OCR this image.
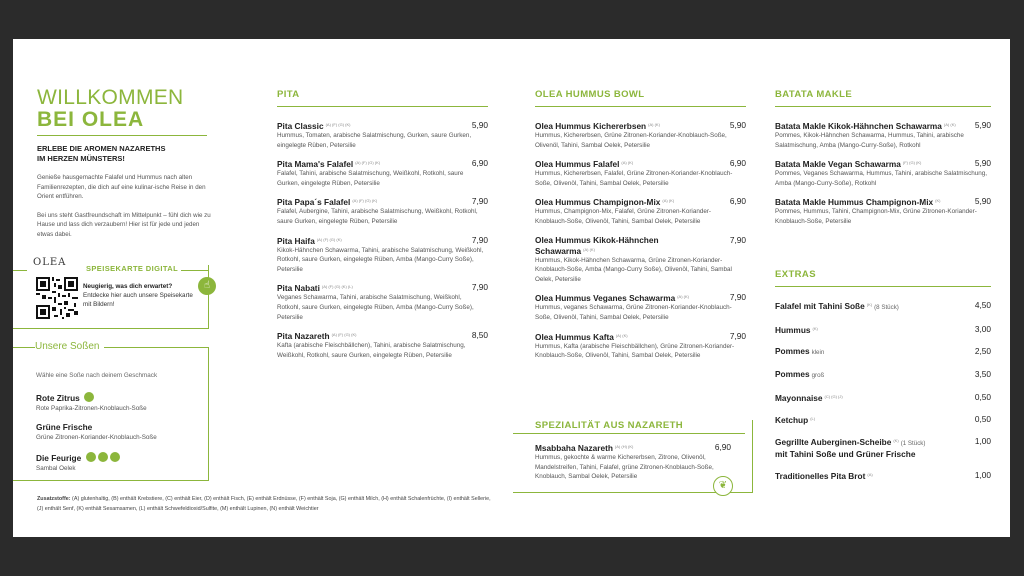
WILLKOMMEN
BEI OLEA
ERLEBE DIE AROMEN NAZARETHS
IM HERZEN MÜNSTERS!
Genieße hausgemachte Falafel und Hummus nach alten Familienrezepten, die dich auf eine kulinar-ische Reise in den Orient entführen.
Bei uns steht Gastfreundschaft im Mittelpunkt – fühl dich wie zu Hause und lass dich verzaubern! Hier ist für jede und jeden etwas dabei.
OLEA
SPEISEKARTE DIGITAL
Neugierig, was dich erwartet?
Entdecke hier auch unsere Speisekarte mit Bildern!
☝
Unsere Soßen
Wähle eine Soße nach deinem Geschmack
Rote Zitrus
Rote Paprika-Zitronen-Knoblauch-Soße
Grüne Frische
Grüne Zitronen-Koriander-Knoblauch-Soße
Die Feurige
Sambal Oelek
Zusatzstoffe: (A) glutenhaltig, (B) enthält Krebstiere, (C) enthält Eier, (D) enthält Fisch, (E) enthält Erdnüsse, (F) enthält Soja, (G) enthält Milch, (H) enthält Schalenfrüchte, (I) enthält Sellerie, (J) enthält Senf, (K) enthält Sesamsamen, (L) enthält Schwefeldioxid/Sulfite, (M) enthält Lupinen, (N) enthält Weichtier
PITA
Pita Classic $^{(A) (F) (G) (K)}$	5,90
Hummus, Tomaten, arabische Salatmischung, Gurken, saure Gurken, eingelegte Rüben, Petersilie
Pita Mama's Falafel $^{(A) (F) (G) (K)}$	6,90
Falafel, Tahini, arabische Salatmischung, Weißkohl, Rotkohl, saure Gurken, eingelegte Rüben, Petersilie
Pita Papa´s Falafel $^{(A) (F) (G) (K)}$	7,90
Falafel, Aubergine, Tahini, arabische Salatmischung, Weißkohl, Rotkohl, saure Gurken, eingelegte Rüben, Petersilie
Pita Haifa $^{(A) (F) (G) (K)}$	7,90
Kikok-Hähnchen Schawarma, Tahini, arabische Salatmischung, Weißkohl, Rotkohl, saure Gurken, eingelegte Rüben, Amba (Mango-Curry Soße), Petersilie
Pita Nabati $^{(A) (F) (G) (K) (L)}$	7,90
Veganes Schawarma, Tahini, arabische Salatmischung, Weißkohl, Rotkohl, saure Gurken, eingelegte Rüben, Amba (Mango-Curry Soße), Petersilie
Pita Nazareth $^{(A) (F) (G) (K)}$	8,50
Kafta (arabische Fleischbällchen), Tahini, arabische Salatmischung, Weißkohl, Rotkohl, saure Gurken, eingelegte Rüben, Petersilie
OLEA HUMMUS BOWL
Olea Hummus Kichererbsen $^{(A) (K)}$	5,90
Hummus, Kichererbsen, Grüne Zitronen-Koriander-Knoblauch-Soße, Olivenöl, Tahini, Sambal Oelek, Petersilie
Olea Hummus Falafel $^{(A) (K)}$	6,90
Hummus, Kichererbsen, Falafel, Grüne Zitronen-Koriander-Knoblauch-Soße, Olivenöl, Tahini, Sambal Oelek, Petersilie
Olea Hummus Champignon-Mix $^{(A) (K)}$	6,90
Hummus, Champignon-Mix, Falafel, Grüne Zitronen-Koriander-Knoblauch-Soße, Olivenöl, Tahini, Sambal Oelek, Petersilie
Olea Hummus Kikok-Hähnchen Schawarma $^{(A) (K)}$
7,90
Hummus, Kikok-Hähnchen Schawarma, Grüne Zitronen-Koriander-Knoblauch-Soße, Amba (Mango-Curry Soße), Olivenöl, Tahini, Sambal Oelek, Petersilie
Olea Hummus Veganes Schawarma $^{(A) (K)}$	7,90
Hummus, veganes Schawarma, Grüne Zitronen-Koriander-Knoblauch-Soße, Olivenöl, Tahini, Sambal Oelek, Petersilie
Olea Hummus Kafta $^{(A) (K)}$	7,90
Hummus, Kafta (arabische Fleischbällchen), Grüne Zitronen-Koriander-Knoblauch-Soße, Olivenöl, Tahini, Sambal Oelek, Petersilie
SPEZIALITÄT AUS NAZARETH
Msabbaha Nazareth $^{(A) (H) (K)}$	6,90
Hummus, gekochte & warme Kichererbsen, Zitrone, Olivenöl, Mandelstreifen, Tahini, Falafel, grüne Zitronen-Knoblauch-Soße, Knoblauch, Sambal Oelek, Petersilie
❦
BATATA MAKLE
Batata Makle Kikok-Hähnchen Schawarma $^{(A) (K)}$	5,90
Pommes, Kikok-Hähnchen Schawarma, Hummus, Tahini, arabische Salatmischung, Amba (Mango-Curry-Soße), Rotkohl
Batata Makle Vegan Schawarma $^{(F) (G) (K)}$	5,90
Pommes, Veganes Schawarma, Hummus, Tahini, arabische Salatmischung, Amba (Mango-Curry-Soße), Rotkohl
Batata Makle Hummus Champignon-Mix $^{(K)}$	5,90
Pommes, Hummus, Tahini, Champignon-Mix, Grüne Zitronen-Koriander-Knoblauch-Soße, Petersilie
EXTRAS
Falafel mit Tahini Soße $^{(K)}$ (8 Stück)	4,50
Hummus $^{(K)}$	3,00
Pommes klein	2,50
Pommes groß	3,50
Mayonnaise $^{(C) (G) (J)}$	0,50
Ketchup $^{(L)}$	0,50
Gegrillte Auberginen-Scheibe $^{(K)}$ (1 Stück)
mit Tahini Soße und Grüner Frische
1,00
Traditionelles Pita Brot $^{(A)}$	1,00
